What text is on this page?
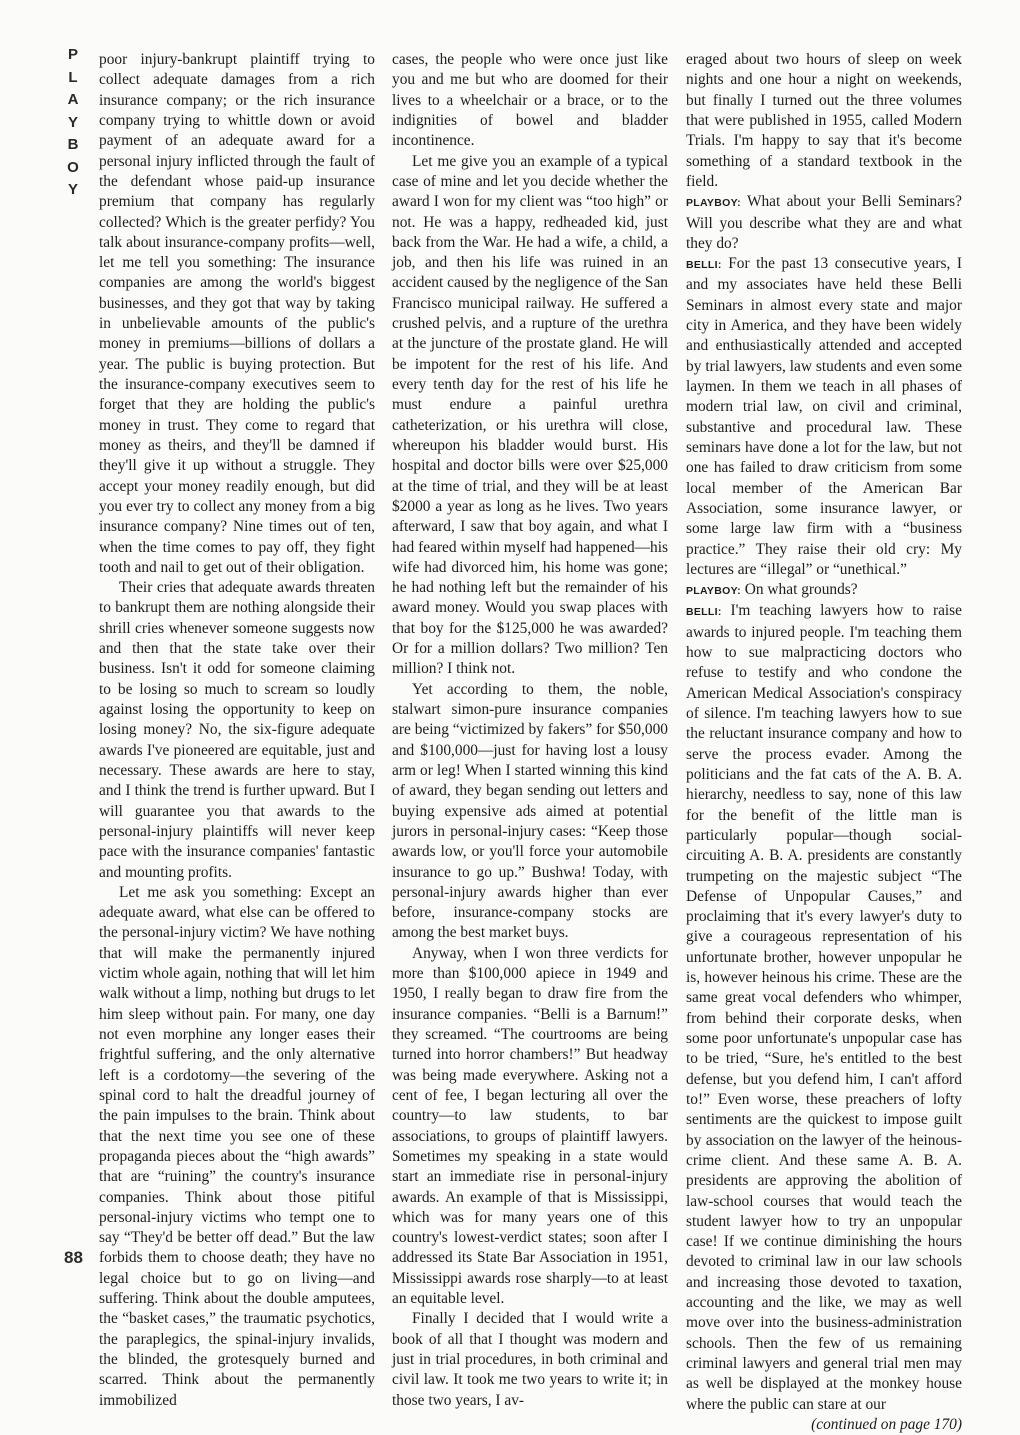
P
L
A
Y
B
O
Y

poor injury-bankrupt plaintiff trying to collect adequate damages from a rich insurance company; or the rich insurance company trying to whittle down or avoid payment of an adequate award for a personal injury inflicted through the fault of the defendant whose paid-up insurance premium that company has regularly collected? Which is the greater perfidy? You talk about insurance-company profits—well, let me tell you something: The insurance companies are among the world's biggest businesses, and they got that way by taking in unbelievable amounts of the public's money in premiums—billions of dollars a year. The public is buying protection. But the insurance-company executives seem to forget that they are holding the public's money in trust. They come to regard that money as theirs, and they'll be damned if they'll give it up without a struggle. They accept your money readily enough, but did you ever try to collect any money from a big insurance company? Nine times out of ten, when the time comes to pay off, they fight tooth and nail to get out of their obligation.

Their cries that adequate awards threaten to bankrupt them are nothing alongside their shrill cries whenever someone suggests now and then that the state take over their business. Isn't it odd for someone claiming to be losing so much to scream so loudly against losing the opportunity to keep on losing money? No, the six-figure adequate awards I've pioneered are equitable, just and necessary. These awards are here to stay, and I think the trend is further upward. But I will guarantee you that awards to the personal-injury plaintiffs will never keep pace with the insurance companies' fantastic and mounting profits.

Let me ask you something: Except an adequate award, what else can be offered to the personal-injury victim? We have nothing that will make the permanently injured victim whole again, nothing that will let him walk without a limp, nothing but drugs to let him sleep without pain. For many, one day not even morphine any longer eases their frightful suffering, and the only alternative left is a cordotomy—the severing of the spinal cord to halt the dreadful journey of the pain impulses to the brain. Think about that the next time you see one of these propaganda pieces about the “high awards” that are “ruining” the country's insurance companies. Think about those pitiful personal-injury victims who tempt one to say “They'd be better off dead.” But the law forbids them to choose death; they have no legal choice but to go on living—and suffering. Think about the double amputees, the “basket cases,” the traumatic psychotics, the paraplegics, the spinal-injury invalids, the blinded, the grotesquely burned and scarred. Think about the permanently immobilized

cases, the people who were once just like you and me but who are doomed for their lives to a wheelchair or a brace, or to the indignities of bowel and bladder incontinence.

Let me give you an example of a typical case of mine and let you decide whether the award I won for my client was “too high” or not. He was a happy, redheaded kid, just back from the War. He had a wife, a child, a job, and then his life was ruined in an accident caused by the negligence of the San Francisco municipal railway. He suffered a crushed pelvis, and a rupture of the urethra at the juncture of the prostate gland. He will be impotent for the rest of his life. And every tenth day for the rest of his life he must endure a painful urethra catheterization, or his urethra will close, whereupon his bladder would burst. His hospital and doctor bills were over $25,000 at the time of trial, and they will be at least $2000 a year as long as he lives. Two years afterward, I saw that boy again, and what I had feared within myself had happened—his wife had divorced him, his home was gone; he had nothing left but the remainder of his award money. Would you swap places with that boy for the $125,000 he was awarded? Or for a million dollars? Two million? Ten million? I think not.

Yet according to them, the noble, stalwart simon-pure insurance companies are being “victimized by fakers” for $50,000 and $100,000—just for having lost a lousy arm or leg! When I started winning this kind of award, they began sending out letters and buying expensive ads aimed at potential jurors in personal-injury cases: “Keep those awards low, or you'll force your automobile insurance to go up.” Bushwa! Today, with personal-injury awards higher than ever before, insurance-company stocks are among the best market buys.

Anyway, when I won three verdicts for more than $100,000 apiece in 1949 and 1950, I really began to draw fire from the insurance companies. “Belli is a Barnum!” they screamed. “The courtrooms are being turned into horror chambers!” But headway was being made everywhere. Asking not a cent of fee, I began lecturing all over the country—to law students, to bar associations, to groups of plaintiff lawyers. Sometimes my speaking in a state would start an immediate rise in personal-injury awards. An example of that is Mississippi, which was for many years one of this country's lowest-verdict states; soon after I addressed its State Bar Association in 1951, Mississippi awards rose sharply—to at least an equitable level.

Finally I decided that I would write a book of all that I thought was modern and just in trial procedures, in both criminal and civil law. It took me two years to write it; in those two years, I av-

eraged about two hours of sleep on week nights and one hour a night on weekends, but finally I turned out the three volumes that were published in 1955, called Modern Trials. I'm happy to say that it's become something of a standard textbook in the field.

PLAYBOY: What about your Belli Seminars? Will you describe what they are and what they do?

BELLI: For the past 13 consecutive years, I and my associates have held these Belli Seminars in almost every state and major city in America, and they have been widely and enthusiastically attended and accepted by trial lawyers, law students and even some laymen. In them we teach in all phases of modern trial law, on civil and criminal, substantive and procedural law. These seminars have done a lot for the law, but not one has failed to draw criticism from some local member of the American Bar Association, some insurance lawyer, or some large law firm with a “business practice.” They raise their old cry: My lectures are “illegal” or “unethical.”

PLAYBOY: On what grounds?

BELLI: I'm teaching lawyers how to raise awards to injured people. I'm teaching them how to sue malpracticing doctors who refuse to testify and who condone the American Medical Association's conspiracy of silence. I'm teaching lawyers how to sue the reluctant insurance company and how to serve the process evader. Among the politicians and the fat cats of the A. B. A. hierarchy, needless to say, none of this law for the benefit of the little man is particularly popular—though social-circuiting A. B. A. presidents are constantly trumpeting on the majestic subject “The Defense of Unpopular Causes,” and proclaiming that it's every lawyer's duty to give a courageous representation of his unfortunate brother, however unpopular he is, however heinous his crime. These are the same great vocal defenders who whimper, from behind their corporate desks, when some poor unfortunate's unpopular case has to be tried, “Sure, he's entitled to the best defense, but you defend him, I can't afford to!” Even worse, these preachers of lofty sentiments are the quickest to impose guilt by association on the lawyer of the heinous-crime client. And these same A. B. A. presidents are approving the abolition of law-school courses that would teach the student lawyer how to try an unpopular case! If we continue diminishing the hours devoted to criminal law in our law schools and increasing those devoted to taxation, accounting and the like, we may as well move over into the business-administration schools. Then the few of us remaining criminal lawyers and general trial men may as well be displayed at the monkey house where the public can stare at our

(continued on page 170)

88
